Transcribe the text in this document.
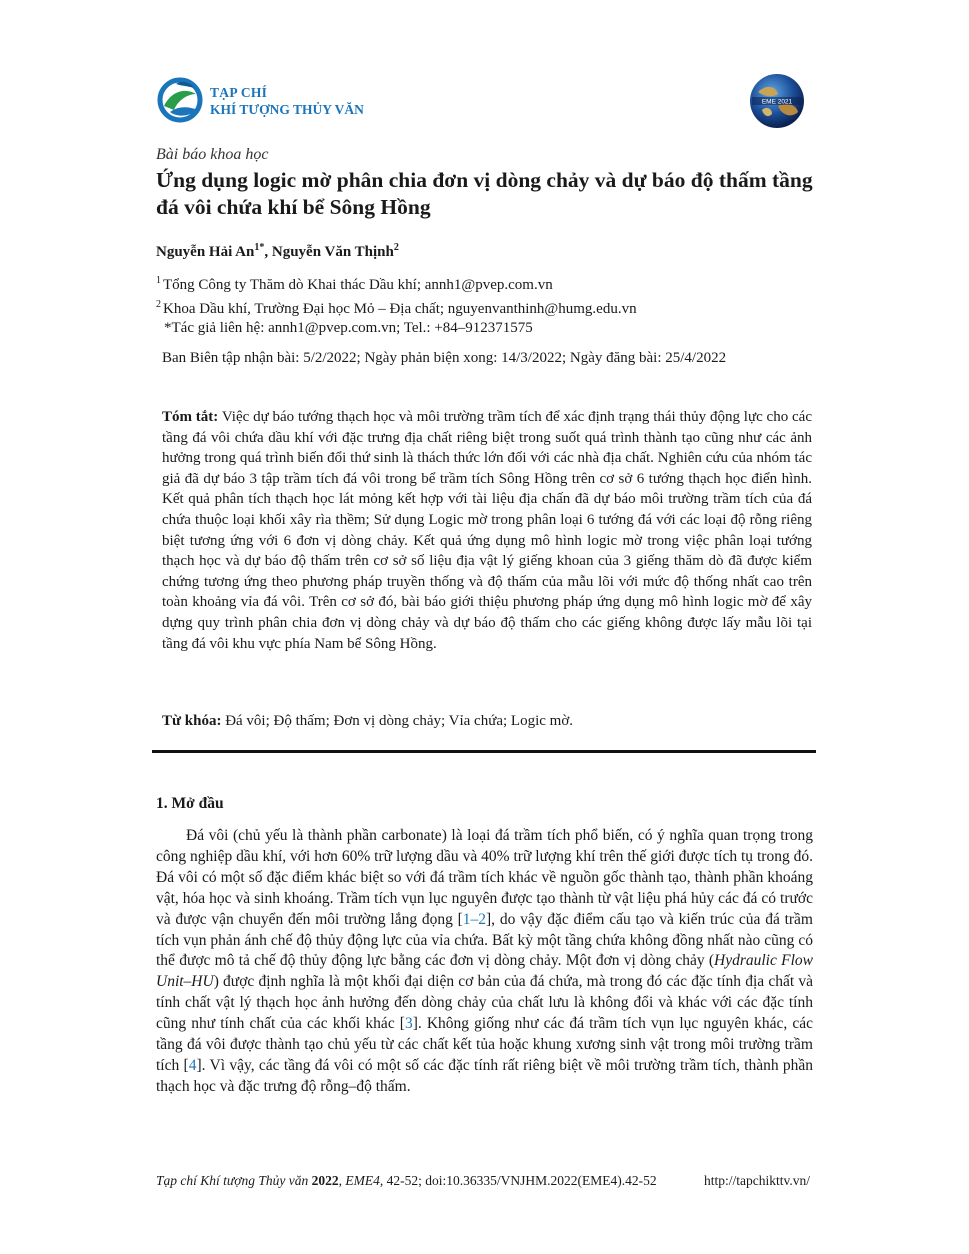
TẠP CHÍ
KHÍ TƯỢNG THỦY VĂN	EME 2021
Bài báo khoa học
Ứng dụng logic mờ phân chia đơn vị dòng chảy và dự báo độ thấm tầng đá vôi chứa khí bể Sông Hồng
Nguyễn Hải $An^{1*}$, Nguyễn Văn Thịnh$^2$
$^1$ Tổng Công ty Thăm dò Khai thác Dầu khí; annh1@pvep.com.vn
$^2$ Khoa Dầu khí, Trường Đại học Mỏ – Địa chất; nguyenvanthinh@humg.edu.vn
*Tác giả liên hệ: annh1@pvep.com.vn; Tel.: +84–912371575
Ban Biên tập nhận bài: 5/2/2022; Ngày phản biện xong: 14/3/2022; Ngày đăng bài: 25/4/2022

Tóm tắt: Việc dự báo tướng thạch học và môi trường trầm tích để xác định trạng thái thủy động lực cho các tầng đá vôi chứa dầu khí với đặc trưng địa chất riêng biệt trong suốt quá trình thành tạo cũng như các ảnh hưởng trong quá trình biến đổi thứ sinh là thách thức lớn đối với các nhà địa chất. Nghiên cứu của nhóm tác giả đã dự báo 3 tập trầm tích đá vôi trong bể trầm tích Sông Hồng trên cơ sở 6 tướng thạch học điển hình. Kết quả phân tích thạch học lát mỏng kết hợp với tài liệu địa chấn đã dự báo môi trường trầm tích của đá chứa thuộc loại khối xây rìa thềm; Sử dụng Logic mờ trong phân loại 6 tướng đá với các loại độ rỗng riêng biệt tương ứng với 6 đơn vị dòng chảy. Kết quả ứng dụng mô hình logic mờ trong việc phân loại tướng thạch học và dự báo độ thấm trên cơ sở số liệu địa vật lý giếng khoan của 3 giếng thăm dò đã được kiểm chứng tương ứng theo phương pháp truyền thống và độ thấm của mẫu lõi với mức độ thống nhất cao trên toàn khoảng vỉa đá vôi. Trên cơ sở đó, bài báo giới thiệu phương pháp ứng dụng mô hình logic mờ để xây dựng quy trình phân chia đơn vị dòng chảy và dự báo độ thấm cho các giếng không được lấy mẫu lõi tại tầng đá vôi khu vực phía Nam bể Sông Hồng.

Từ khóa: Đá vôi; Độ thấm; Đơn vị dòng chảy; Vỉa chứa; Logic mờ.
1. Mở đầu

Đá vôi (chủ yếu là thành phần carbonate) là loại đá trầm tích phổ biến, có ý nghĩa quan trọng trong công nghiệp dầu khí, với hơn 60% trữ lượng dầu và 40% trữ lượng khí trên thế giới được tích tụ trong đó. Đá vôi có một số đặc điểm khác biệt so với đá trầm tích khác về nguồn gốc thành tạo, thành phần khoáng vật, hóa học và sinh khoáng. Trầm tích vụn lục nguyên được tạo thành từ vật liệu phá hủy các đá có trước và được vận chuyển đến môi trường lắng đọng [1–2], do vậy đặc điểm cấu tạo và kiến trúc của đá trầm tích vụn phản ánh chế độ thủy động lực của vỉa chứa. Bất kỳ một tầng chứa không đồng nhất nào cũng có thể được mô tả chế độ thủy động lực bằng các đơn vị dòng chảy. Một đơn vị dòng chảy (Hydraulic Flow Unit–HU) được định nghĩa là một khối đại diện cơ bản của đá chứa, mà trong đó các đặc tính địa chất và tính chất vật lý thạch học ảnh hưởng đến dòng chảy của chất lưu là không đổi và khác với các đặc tính cũng như tính chất của các khối khác [3]. Không giống như các đá trầm tích vụn lục nguyên khác, các tầng đá vôi được thành tạo chủ yếu từ các chất kết tủa hoặc khung xương sinh vật trong môi trường trầm tích [4]. Vì vậy, các tầng đá vôi có một số các đặc tính rất riêng biệt về môi trường trầm tích, thành phần thạch học và đặc trưng độ rỗng–độ thấm.

Tạp chí Khí tượng Thủy văn 2022, EME4, 42-52; doi:10.36335/VNJHM.2022(EME4).42-52	http://tapchikttv.vn/
